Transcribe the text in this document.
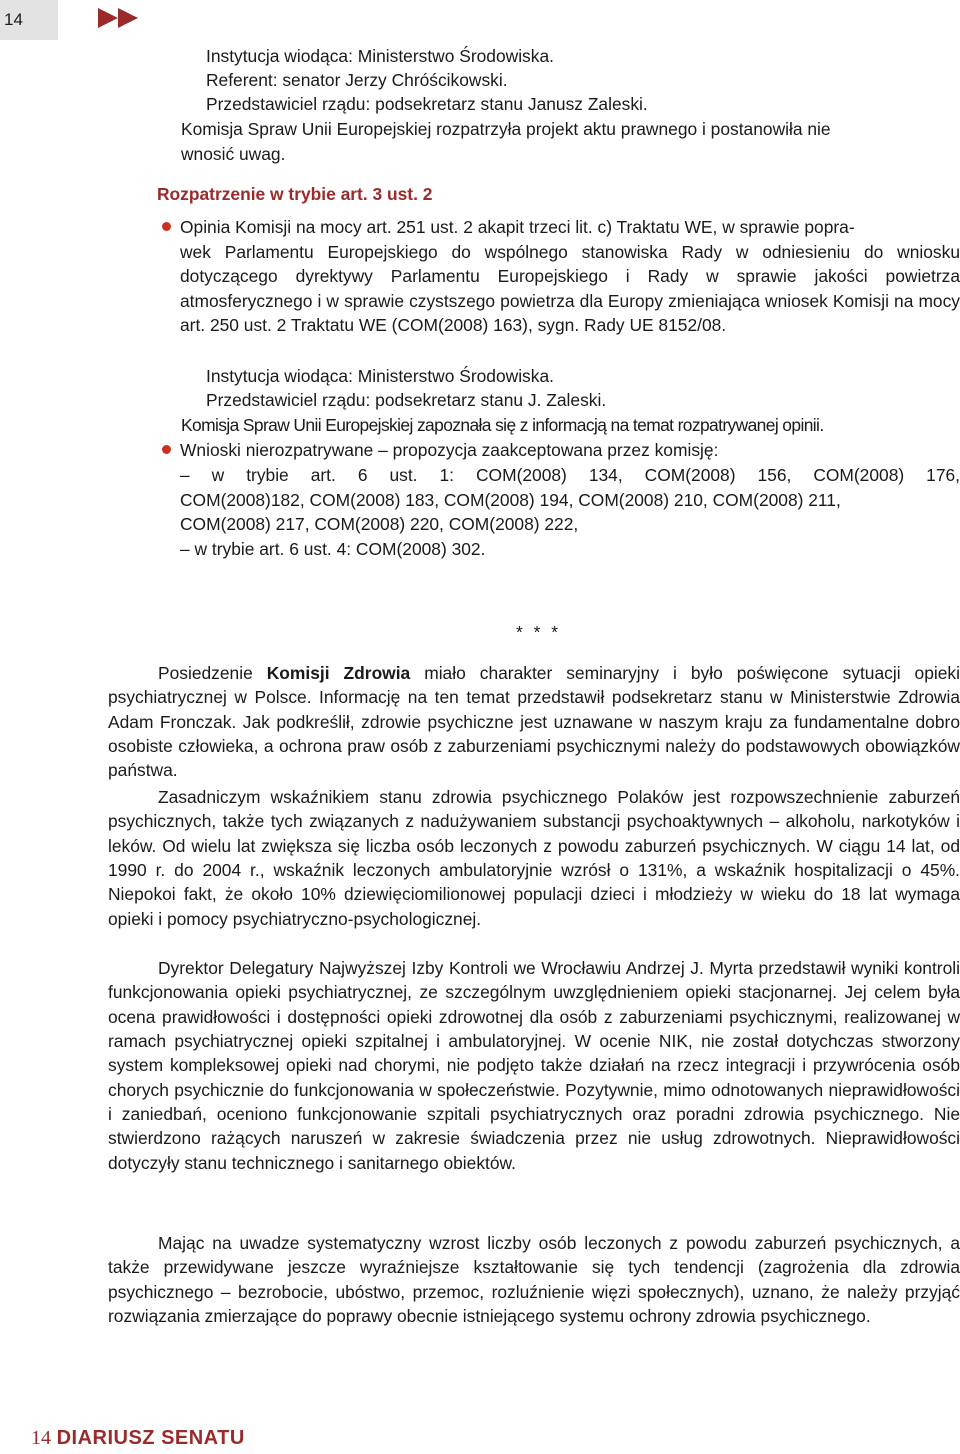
14

Instytucja wiodąca: Ministerstwo Środowiska.

Referent: senator Jerzy Chróścikowski.

Przedstawiciel rządu: podsekretarz stanu Janusz Zaleski.

Komisja Spraw Unii Europejskiej rozpatrzyła projekt aktu prawnego i postanowiła nie

wnosić uwag.

Rozpatrzenie w trybie art. 3 ust. 2

Opinia Komisji na mocy art. 251 ust. 2 akapit trzeci lit. c) Traktatu WE, w sprawie popra-

wek Parlamentu Europejskiego do wspólnego stanowiska Rady w odniesieniu do wniosku dotyczącego dyrektywy Parlamentu Europejskiego i Rady w sprawie jakości powietrza atmosferycznego i w sprawie czystszego powietrza dla Europy zmieniająca wniosek Komisji na mocy art. 250 ust. 2 Traktatu WE (COM(2008) 163), sygn. Rady UE 8152/08.

Instytucja wiodąca: Ministerstwo Środowiska.

Przedstawiciel rządu: podsekretarz stanu J. Zaleski.

Komisja Spraw Unii Europejskiej zapoznała się z informacją na temat rozpatrywanej opinii.

Wnioski nierozpatrywane – propozycja zaakceptowana przez komisję:

– w trybie art. 6 ust. 1: COM(2008) 134, COM(2008) 156, COM(2008) 176,

COM(2008)182, COM(2008) 183, COM(2008) 194, COM(2008) 210, COM(2008) 211,

COM(2008) 217, COM(2008) 220, COM(2008) 222,

– w trybie art. 6 ust. 4: COM(2008) 302.

* * *

Posiedzenie Komisji Zdrowia miało charakter seminaryjny i było poświęcone sytuacji opieki psychiatrycznej w Polsce. Informację na ten temat przedstawił podsekretarz stanu w Ministerstwie Zdrowia Adam Fronczak. Jak podkreślił, zdrowie psychiczne jest uznawane w naszym kraju za fundamentalne dobro osobiste człowieka, a ochrona praw osób z zaburzeniami psychicznymi należy do podstawowych obowiązków państwa.

Zasadniczym wskaźnikiem stanu zdrowia psychicznego Polaków jest rozpowszechnienie zaburzeń psychicznych, także tych związanych z nadużywaniem substancji psychoaktywnych – alkoholu, narkotyków i leków. Od wielu lat zwiększa się liczba osób leczonych z powodu zaburzeń psychicznych. W ciągu 14 lat, od 1990 r. do 2004 r., wskaźnik leczonych ambulatoryjnie wzrósł o 131%, a wskaźnik hospitalizacji o 45%. Niepokoi fakt, że około 10% dziewięciomilionowej populacji dzieci i młodzieży w wieku do 18 lat wymaga opieki i pomocy psychiatryczno-psychologicznej.

Dyrektor Delegatury Najwyższej Izby Kontroli we Wrocławiu Andrzej J. Myrta przedstawił wyniki kontroli funkcjonowania opieki psychiatrycznej, ze szczególnym uwzględnieniem opieki stacjonarnej. Jej celem była ocena prawidłowości i dostępności opieki zdrowotnej dla osób z zaburzeniami psychicznymi, realizowanej w ramach psychiatrycznej opieki szpitalnej i ambulatoryjnej. W ocenie NIK, nie został dotychczas stworzony system kompleksowej opieki nad chorymi, nie podjęto także działań na rzecz integracji i przywrócenia osób chorych psychicznie do funkcjonowania w społeczeństwie. Pozytywnie, mimo odnotowanych nieprawidłowości i zaniedbań, oceniono funkcjonowanie szpitali psychiatrycznych oraz poradni zdrowia psychicznego. Nie stwierdzono rażących naruszeń w zakresie świadczenia przez nie usług zdrowotnych. Nieprawidłowości dotyczyły stanu technicznego i sanitarnego obiektów.

Mając na uwadze systematyczny wzrost liczby osób leczonych z powodu zaburzeń psychicznych, a także przewidywane jeszcze wyraźniejsze kształtowanie się tych tendencji (zagrożenia dla zdrowia psychicznego – bezrobocie, ubóstwo, przemoc, rozluźnienie więzi społecznych), uznano, że należy przyjąć rozwiązania zmierzające do poprawy obecnie istniejącego systemu ochrony zdrowia psychicznego.

14 DIARIUSZ SENATU
